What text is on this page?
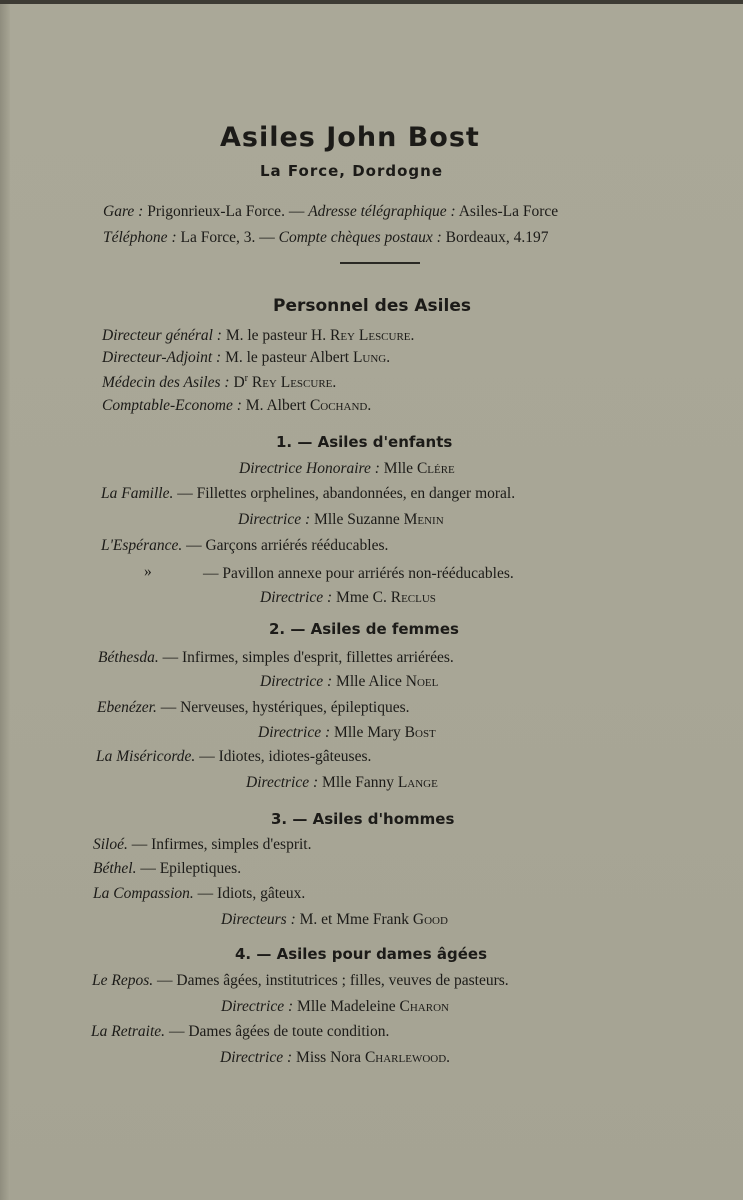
Asiles John Bost
La Force, Dordogne
Gare : Prigonrieux-La Force. — Adresse télégraphique : Asiles-La Force
Téléphone : La Force, 3. — Compte chèques postaux : Bordeaux, 4.197
Personnel des Asiles
Directeur général : M. le pasteur H. Rey Lescure.
Directeur-Adjoint : M. le pasteur Albert Lung.
Médecin des Asiles : $D^r$ Rey Lescure.
Comptable-Econome : M. Albert Cochand.
1. — Asiles d'enfants
Directrice Honoraire : Mlle Clére
La Famille. — Fillettes orphelines, abandonnées, en danger moral.
Directrice : Mlle Suzanne Menin
L'Espérance. — Garçons arriérés rééducables.
»	— Pavillon annexe pour arriérés non-rééducables.
Directrice : Mme C. Reclus
2. — Asiles de femmes
Béthesda. — Infirmes, simples d'esprit, fillettes arriérées.
Directrice : Mlle Alice Noel
Ebenézer. — Nerveuses, hystériques, épileptiques.
Directrice : Mlle Mary Bost
La Miséricorde. — Idiotes, idiotes-gâteuses.
Directrice : Mlle Fanny Lange
3. — Asiles d'hommes
Siloé. — Infirmes, simples d'esprit.
Béthel. — Epileptiques.
La Compassion. — Idiots, gâteux.
Directeurs : M. et Mme Frank Good
4. — Asiles pour dames âgées
Le Repos. — Dames âgées, institutrices ; filles, veuves de pasteurs.
Directrice : Mlle Madeleine Charon
La Retraite. — Dames âgées de toute condition.
Directrice : Miss Nora Charlewood.
